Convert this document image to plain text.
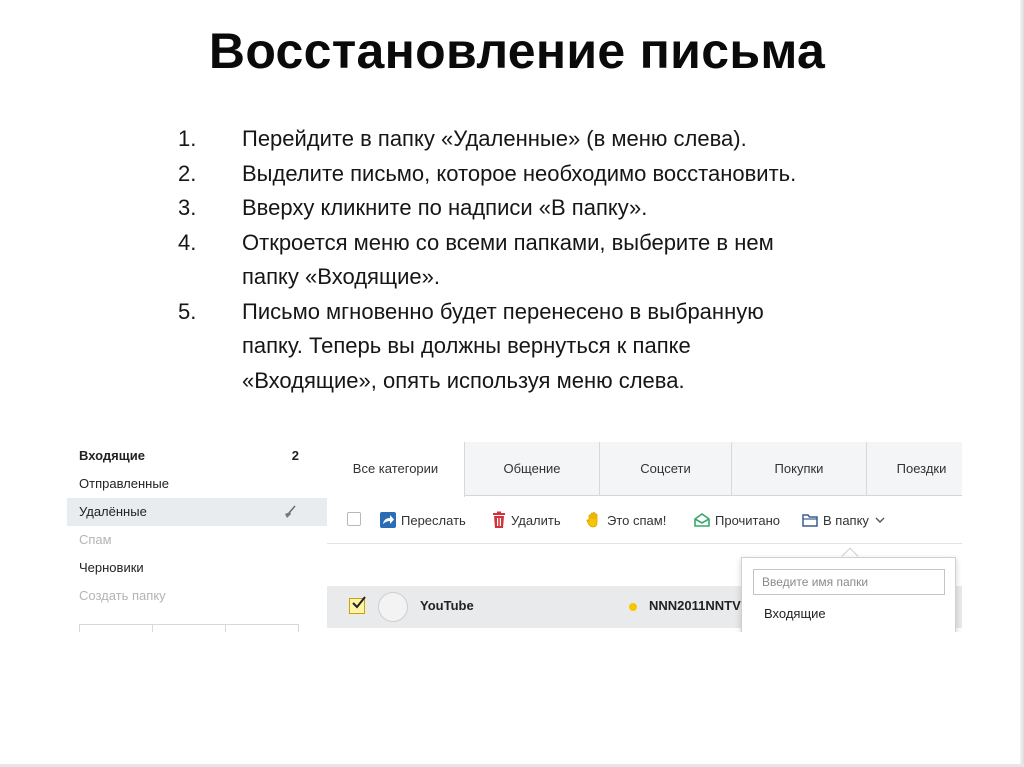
Восстановление письма
1.	Перейдите в папку «Удаленные» (в меню слева).
2.	Выделите письмо, которое необходимо восстановить.
3.	Вверху кликните по надписи «В папку».
4.	Откроется меню со всеми папками, выберите в нем
папку «Входящие».
5.	Письмо мгновенно будет перенесено в выбранную
папку. Теперь вы должны вернуться к папке
«Входящие», опять используя меню слева.
Входящие	2
Отправленные
Удалённые
Спам
Черновики
Создать папку
Все категории	Общение	Соцсети	Покупки	Поездки
Переслать	Удалить	Это спам!	Прочитано	В папку
YouTube	NNN2011NNTV
Введите имя папки
Входящие
